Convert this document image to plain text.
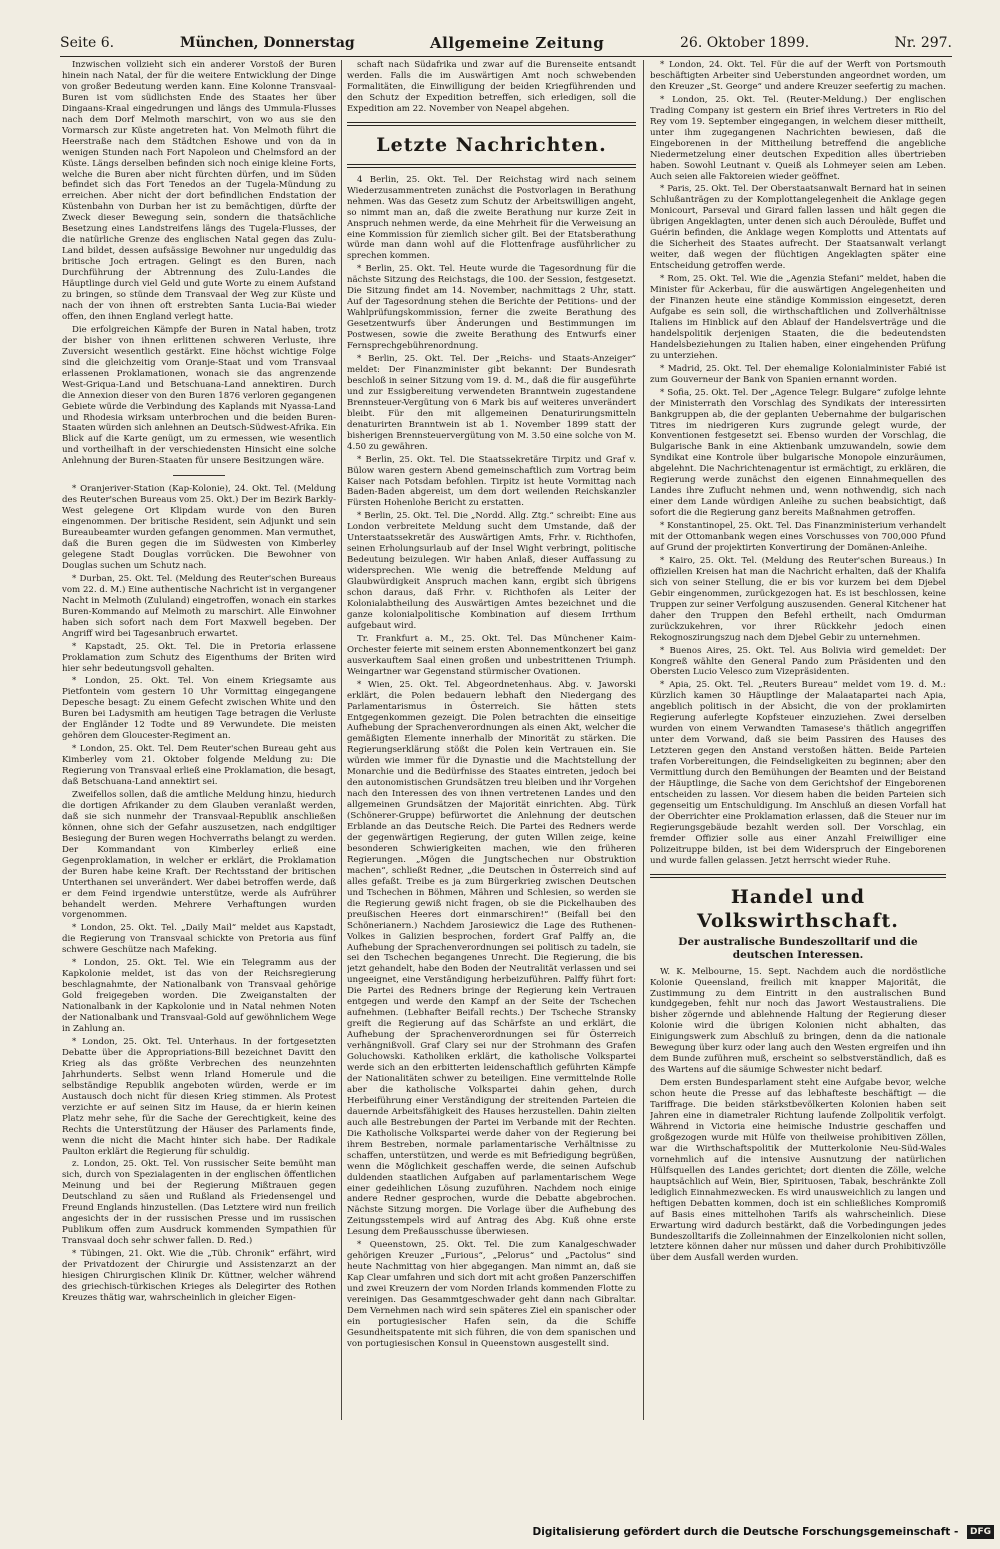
Seite 6.	München, Donnerstag	Allgemeine Zeitung	26. Oktober 1899.	Nr. 297.

Inzwischen vollzieht sich ein anderer Vorstoß der Buren hinein nach Natal, der für die weitere Entwicklung der Dinge von großer Bedeutung werden kann. Eine Kolonne Transvaal-Buren ist vom südlichsten Ende des Staates her über Dingaans-Kraal eingedrungen und längs des Ummula-Flusses nach dem Dorf Melmoth marschirt, von wo aus sie den Vormarsch zur Küste angetreten hat. Von Melmoth führt die Heerstraße nach dem Städtchen Eshowe und von da in wenigen Stunden nach Fort Napoleon und Chelmsford an der Küste. Längs derselben befinden sich noch einige kleine Forts, welche die Buren aber nicht fürchten dürfen, und im Süden befindet sich das Fort Tenedos an der Tugela-Mündung zu erreichen. Aber nicht der dort befindlichen Endstation der Küstenbahn von Durban her ist zu bemächtigen, dürfte der Zweck dieser Bewegung sein, sondern die thatsächliche Besetzung eines Landstreifens längs des Tugela-Flusses, der die natürliche Grenze des englischen Natal gegen das Zulu-Land bildet, dessen aufsässige Bewohner nur ungeduldig das britische Joch ertragen. Gelingt es den Buren, nach Durchführung der Abtrennung des Zulu-Landes die Häuptlinge durch viel Geld und gute Worte zu einem Aufstand zu bringen, so stünde dem Transvaal der Weg zur Küste und nach der von ihnen oft erstrebten Santa Lucia-Bai wieder offen, den ihnen England verlegt hatte.

Die erfolgreichen Kämpfe der Buren in Natal haben, trotz der bisher von ihnen erlittenen schweren Verluste, ihre Zuversicht wesentlich gestärkt. Eine höchst wichtige Folge sind die gleichzeitig vom Oranje-Staat und vom Transvaal erlassenen Proklamationen, wonach sie das angrenzende West-Griqua-Land und Betschuana-Land annektiren. Durch die Annexion dieser von den Buren 1876 verloren gegangenen Gebiete würde die Verbindung des Kaplands mit Nyassa-Land und Rhodesia wirksam unterbrochen und die beiden Buren-Staaten würden sich anlehnen an Deutsch-Südwest-Afrika. Ein Blick auf die Karte genügt, um zu ermessen, wie wesentlich und vortheilhaft in der verschiedensten Hinsicht eine solche Anlehnung der Buren-Staaten für unsere Besitzungen wäre.

* Oranjeriver-Station (Kap-Kolonie), 24. Okt. Tel. (Meldung des Reuter'schen Bureaus vom 25. Okt.) Der im Bezirk Barkly-West gelegene Ort Klipdam wurde von den Buren eingenommen. Der britische Resident, sein Adjunkt und sein Bureaubeamter wurden gefangen genommen. Man vermuthet, daß die Buren gegen die im Südwesten von Kimberley gelegene Stadt Douglas vorrücken. Die Bewohner von Douglas suchen um Schutz nach.

* Durban, 25. Okt. Tel. (Meldung des Reuter'schen Bureaus vom 22. d. M.) Eine authentische Nachricht ist in vergangener Nacht in Melmoth (Zululand) eingetroffen, wonach ein starkes Buren-Kommando auf Melmoth zu marschirt. Alle Einwohner haben sich sofort nach dem Fort Maxwell begeben. Der Angriff wird bei Tagesanbruch erwartet.

* Kapstadt, 25. Okt. Tel. Die in Pretoria erlassene Proklamation zum Schutz des Eigenthums der Briten wird hier sehr bedeutungsvoll gehalten.

* London, 25. Okt. Tel. Von einem Kriegsamte aus Pietfontein vom gestern 10 Uhr Vormittag eingegangene Depesche besagt: Zu einem Gefecht zwischen White und den Buren bei Ladysmith am heutigen Tage betragen die Verluste der Engländer 12 Todte und 89 Verwundete. Die meisten gehören dem Gloucester-Regiment an.

* London, 25. Okt. Tel. Dem Reuter'schen Bureau geht aus Kimberley vom 21. Oktober folgende Meldung zu: Die Regierung von Transvaal erließ eine Proklamation, die besagt, daß Betschuana-Land annektirt sei.

Zweifellos sollen, daß die amtliche Meldung hinzu, hiedurch die dortigen Afrikander zu dem Glauben veranlaßt werden, daß sie sich nunmehr der Transvaal-Republik anschließen können, ohne sich der Gefahr auszusetzen, nach endgiltiger Besiegung der Buren wegen Hochverraths belangt zu werden. Der Kommandant von Kimberley erließ eine Gegenproklamation, in welcher er erklärt, die Proklamation der Buren habe keine Kraft. Der Rechtsstand der britischen Unterthanen sei unverändert. Wer dabei betroffen werde, daß er dem Feind irgendwie unterstütze, werde als Aufrührer behandelt werden. Mehrere Verhaftungen wurden vorgenommen.

* London, 25. Okt. Tel. „Daily Mail“ meldet aus Kapstadt, die Regierung von Transvaal schickte von Pretoria aus fünf schwere Geschütze nach Mafeking.

* London, 25. Okt. Tel. Wie ein Telegramm aus der Kapkolonie meldet, ist das von der Reichsregierung beschlagnahmte, der Nationalbank von Transvaal gehörige Gold freigegeben worden. Die Zweiganstalten der Nationalbank in der Kapkolonie und in Natal nehmen Noten der Nationalbank und Transvaal-Gold auf gewöhnlichem Wege in Zahlung an.

* London, 25. Okt. Tel. Unterhaus. In der fortgesetzten Debatte über die Appropriations-Bill bezeichnet Davitt den Krieg als das größte Verbrechen des neunzehnten Jahrhunderts. Selbst wenn Irland Homerule und die selbständige Republik angeboten würden, werde er im Austausch doch nicht für diesen Krieg stimmen. Als Protest verzichte er auf seinen Sitz im Hause, da er hierin keinen Platz mehr sehe, für die Sache der Gerechtigkeit, keine des Rechts die Unterstützung der Häuser des Parlaments finde, wenn die nicht die Macht hinter sich habe. Der Radikale Paulton erklärt die Regierung für schuldig.

z. London, 25. Okt. Tel. Von russischer Seite bemüht man sich, durch von Spezialagenten in der englischen öffentlichen Meinung und bei der Regierung Mißtrauen gegen Deutschland zu säen und Rußland als Friedensengel und Freund Englands hinzustellen. (Das Letztere wird nun freilich angesichts der in der russischen Presse und im russischen Publikum offen zum Ausdruck kommenden Sympathien für Transvaal doch sehr schwer fallen. D. Red.)

* Tübingen, 21. Okt. Wie die „Tüb. Chronik“ erfährt, wird der Privatdozent der Chirurgie und Assistenzarzt an der hiesigen Chirurgischen Klinik Dr. Küttner, welcher während des griechisch-türkischen Krieges als Delegirter des Rothen Kreuzes thätig war, wahrscheinlich in gleicher Eigen-

schaft nach Südafrika und zwar auf die Burenseite entsandt werden. Falls die im Auswärtigen Amt noch schwebenden Formalitäten, die Einwilligung der beiden Kriegführenden und den Schutz der Expedition betreffen, sich erledigen, soll die Expedition am 22. November von Neapel abgehen.

Letzte Nachrichten.

4 Berlin, 25. Okt. Tel. Der Reichstag wird nach seinem Wiederzusammentreten zunächst die Postvorlagen in Berathung nehmen. Was das Gesetz zum Schutz der Arbeitswilligen angeht, so nimmt man an, daß die zweite Berathung nur kurze Zeit in Anspruch nehmen werde, da eine Mehrheit für die Verweisung an eine Kommission für ziemlich sicher gilt. Bei der Etatsberathung würde man dann wohl auf die Flottenfrage ausführlicher zu sprechen kommen.

* Berlin, 25. Okt. Tel. Heute wurde die Tagesordnung für die nächste Sitzung des Reichstags, die 100. der Session, festgesetzt. Die Sitzung findet am 14. November, nachmittags 2 Uhr, statt. Auf der Tagesordnung stehen die Berichte der Petitions- und der Wahlprüfungskommission, ferner die zweite Berathung des Gesetzentwurfs über Änderungen und Bestimmungen im Postwesen, sowie die zweite Berathung des Entwurfs einer Fernsprechgebührenordnung.

* Berlin, 25. Okt. Tel. Der „Reichs- und Staats-Anzeiger“ meldet: Der Finanzminister gibt bekannt: Der Bundesrath beschloß in seiner Sitzung vom 19. d. M., daß die für ausgeführte und zur Essigbereitung verwendeten Branntwein zugestandene Brennsteuer-Vergütung von 6 Mark bis auf weiteres unverändert bleibt. Für den mit allgemeinen Denaturirungsmitteln denaturirten Branntwein ist ab 1. November 1899 statt der bisherigen Brennsteuervergütung von M. 3.50 eine solche von M. 4.50 zu gewähren.

* Berlin, 25. Okt. Tel. Die Staatssekretäre Tirpitz und Graf v. Bülow waren gestern Abend gemeinschaftlich zum Vortrag beim Kaiser nach Potsdam befohlen. Tirpitz ist heute Vormittag nach Baden-Baden abgereist, um dem dort weilenden Reichskanzler Fürsten Hohenlohe Bericht zu erstatten.

* Berlin, 25. Okt. Tel. Die „Nordd. Allg. Ztg.“ schreibt: Eine aus London verbreitete Meldung sucht dem Umstande, daß der Unterstaatssekretär des Auswärtigen Amts, Frhr. v. Richthofen, seinen Erholungsurlaub auf der Insel Wight verbringt, politische Bedeutung beizulegen. Wir haben Anlaß, dieser Auffassung zu widersprechen. Wie wenig die betreffende Meldung auf Glaubwürdigkeit Anspruch machen kann, ergibt sich übrigens schon daraus, daß Frhr. v. Richthofen als Leiter der Kolonialabtheilung des Auswärtigen Amtes bezeichnet und die ganze kolonialpolitische Kombination auf diesem Irrthum aufgebaut wird.

Tr. Frankfurt a. M., 25. Okt. Tel. Das Münchener Kaim-Orchester feierte mit seinem ersten Abonnementkonzert bei ganz ausverkauftem Saal einen großen und unbestrittenen Triumph. Weingartner war Gegenstand stürmischer Ovationen.

* Wien, 25. Okt. Tel. Abgeordnetenhaus. Abg. v. Jaworski erklärt, die Polen bedauern lebhaft den Niedergang des Parlamentarismus in Österreich. Sie hätten stets Entgegenkommen gezeigt. Die Polen betrachten die einseitige Aufhebung der Sprachenverordnungen als einen Akt, welcher die gemäßigten Elemente innerhalb der Minorität zu stärken. Die Regierungserklärung stößt die Polen kein Vertrauen ein. Sie würden wie immer für die Dynastie und die Machtstellung der Monarchie und die Bedürfnisse des Staates eintreten, jedoch bei den autonomistischen Grundsätzen treu bleiben und ihr Vorgehen nach den Interessen des von ihnen vertretenen Landes und den allgemeinen Grundsätzen der Majorität einrichten. Abg. Türk (Schönerer-Gruppe) befürwortet die Anlehnung der deutschen Erblande an das Deutsche Reich. Die Partei des Redners werde der gegenwärtigen Regierung, der guten Willen zeige, keine besonderen Schwierigkeiten machen, wie den früheren Regierungen. „Mögen die Jungtschechen nur Obstruktion machen“, schließt Redner, „die Deutschen in Österreich sind auf alles gefaßt. Treibe es ja zum Bürgerkrieg zwischen Deutschen und Tschechen in Böhmen, Mähren und Schlesien, so werden sie die Regierung gewiß nicht fragen, ob sie die Pickelhauben des preußischen Heeres dort einmarschiren!“ (Beifall bei den Schönerianern.) Nachdem Jarosiewicz die Lage des Ruthenen-Volkes in Galizien besprochen, fordert Graf Palffy an, die Aufhebung der Sprachenverordnungen sei politisch zu tadeln, sie sei den Tschechen begangenes Unrecht. Die Regierung, die bis jetzt gehandelt, habe den Boden der Neutralität verlassen und sei ungeeignet, eine Verständigung herbeizuführen. Palffy führt fort: Die Partei des Redners bringe der Regierung kein Vertrauen entgegen und werde den Kampf an der Seite der Tschechen aufnehmen. (Lebhafter Beifall rechts.) Der Tscheche Stransky greift die Regierung auf das Schärfste an und erklärt, die Aufhebung der Sprachenverordnungen sei für Österreich verhängnißvoll. Graf Clary sei nur der Strohmann des Grafen Goluchowski. Katholiken erklärt, die katholische Volkspartei werde sich an den erbitterten leidenschaftlich geführten Kämpfe der Nationalitäten schwer zu beteiligen. Eine vermittelnde Rolle aber die katholische Volkspartei dahin gehen, durch Herbeiführung einer Verständigung der streitenden Parteien die dauernde Arbeitsfähigkeit des Hauses herzustellen. Dahin zielten auch alle Bestrebungen der Partei im Verbande mit der Rechten. Die Katholische Volkspartei werde daher von der Regierung bei ihrem Bestreben, normale parlamentarische Verhältnisse zu schaffen, unterstützen, und werde es mit Befriedigung begrüßen, wenn die Möglichkeit geschaffen werde, die seinen Aufschub duldenden staatlichen Aufgaben auf parlamentarischem Wege einer gedeihlichen Lösung zuzuführen. Nachdem noch einige andere Redner gesprochen, wurde die Debatte abgebrochen. Nächste Sitzung morgen. Die Vorlage über die Aufhebung des Zeitungsstempels wird auf Antrag des Abg. Kuß ohne erste Lesung dem Preßausschusse überwiesen.

* Queenstown, 25. Okt. Tel. Die zum Kanalgeschwader gehörigen Kreuzer „Furious“, „Pelorus“ und „Pactolus“ sind heute Nachmittag von hier abgegangen. Man nimmt an, daß sie Kap Clear umfahren und sich dort mit acht großen Panzerschiffen und zwei Kreuzern der vom Norden Irlands kommenden Flotte zu vereinigen. Das Gesammtgeschwader geht dann nach Gibraltar. Dem Vernehmen nach wird sein späteres Ziel ein spanischer oder ein portugiesischer Hafen sein, da die Schiffe Gesundheitspatente mit sich führen, die von dem spanischen und von portugiesischen Konsul in Queenstown ausgestellt sind.

* London, 24. Okt. Tel. Für die auf der Werft von Portsmouth beschäftigten Arbeiter sind Ueberstunden angeordnet worden, um den Kreuzer „St. George“ und andere Kreuzer seefertig zu machen.

* London, 25. Okt. Tel. (Reuter-Meldung.) Der englischen Trading Company ist gestern ein Brief ihres Vertreters in Rio del Rey vom 19. September eingegangen, in welchem dieser mittheilt, unter ihm zugegangenen Nachrichten bewiesen, daß die Eingeborenen in der Mittheilung betreffend die angebliche Niedermetzelung einer deutschen Expedition alles übertrieben haben. Sowohl Leutnant v. Queiß als Lohmeyer seien am Leben. Auch seien alle Faktoreien wieder geöffnet.

* Paris, 25. Okt. Tel. Der Oberstaatsanwalt Bernard hat in seinen Schlußanträgen zu der Komplottangelegenheit die Anklage gegen Monicourt, Parseval und Girard fallen lassen und hält gegen die übrigen Angeklagten, unter denen sich auch Déroulède, Buffet und Guérin befinden, die Anklage wegen Komplotts und Attentats auf die Sicherheit des Staates aufrecht. Der Staatsanwalt verlangt weiter, daß wegen der flüchtigen Angeklagten später eine Entscheidung getroffen werde.

* Rom, 25. Okt. Tel. Wie die „Agenzia Stefani“ meldet, haben die Minister für Ackerbau, für die auswärtigen Angelegenheiten und der Finanzen heute eine ständige Kommission eingesetzt, deren Aufgabe es sein soll, die wirthschaftlichen und Zollverhältnisse Italiens im Hinblick auf den Ablauf der Handelsverträge und die handelspolitik derjenigen Staaten, die die bedeutendsten Handelsbeziehungen zu Italien haben, einer eingehenden Prüfung zu unterziehen.

* Madrid, 25. Okt. Tel. Der ehemalige Kolonialminister Fabié ist zum Gouverneur der Bank von Spanien ernannt worden.

* Sofia, 25. Okt. Tel. Der „Agence Telegr. Bulgare“ zufolge lehnte der Ministerrath den Vorschlag des Syndikats der interessirten Bankgruppen ab, die der geplanten Uebernahme der bulgarischen Titres im niedrigeren Kurs zugrunde gelegt wurde, der Konventionen festgesetzt sei. Ebenso wurden der Vorschlag, die Bulgarische Bank in eine Aktienbank umzuwandeln, sowie dem Syndikat eine Kontrole über bulgarische Monopole einzuräumen, abgelehnt. Die Nachrichtenagentur ist ermächtigt, zu erklären, die Regierung werde zunächst den eigenen Einnahmequellen des Landes ihre Zuflucht nehmen und, wenn nothwendig, sich nach einer dem Lande würdigen Anleihe zu suchen beabsichtigt, daß sofort die die Regierung ganz bereits Maßnahmen getroffen.

* Konstantinopel, 25. Okt. Tel. Das Finanzministerium verhandelt mit der Ottomanbank wegen eines Vorschusses von 700,000 Pfund auf Grund der projektirten Konvertirung der Domänen-Anleihe.

* Kairo, 25. Okt. Tel. (Meldung des Reuter'schen Bureaus.) In offiziellen Kreisen hat man die Nachricht erhalten, daß der Khalifa sich von seiner Stellung, die er bis vor kurzem bei dem Djebel Gebir eingenommen, zurückgezogen hat. Es ist beschlossen, keine Truppen zur seiner Verfolgung auszusenden. General Kitchener hat daher den Truppen den Befehl ertheilt, nach Omdurman zurückzukehren, vor ihrer Rückkehr jedoch einen Rekognoszirungszug nach dem Djebel Gebir zu unternehmen.

* Buenos Aires, 25. Okt. Tel. Aus Bolivia wird gemeldet: Der Kongreß wählte den General Pando zum Präsidenten und den Obersten Lucio Velesco zum Vizepräsidenten.

* Apia, 25. Okt. Tel. „Reuters Bureau“ meldet vom 19. d. M.: Kürzlich kamen 30 Häuptlinge der Malaatapartei nach Apia, angeblich politisch in der Absicht, die von der proklamirten Regierung auferlegte Kopfsteuer einzuziehen. Zwei derselben wurden von einem Verwandten Tamasese's thätlich angegriffen unter dem Vorwand, daß sie beim Passiren des Hauses des Letzteren gegen den Anstand verstoßen hätten. Beide Parteien trafen Vorbereitungen, die Feindseligkeiten zu beginnen; aber den Vermittlung durch den Bemühungen der Beamten und der Beistand der Häuptlinge, die Sache von dem Gerichtshof der Eingeborenen entscheiden zu lassen. Vor diesem haben die beiden Parteien sich gegenseitig um Entschuldigung. Im Anschluß an diesen Vorfall hat der Oberrichter eine Proklamation erlassen, daß die Steuer nur im Regierungsgebäude bezahlt werden soll. Der Vorschlag, ein fremder Offizier solle aus einer Anzahl Freiwilliger eine Polizeitruppe bilden, ist bei dem Widerspruch der Eingeborenen und wurde fallen gelassen. Jetzt herrscht wieder Ruhe.

Handel und Volkswirthschaft.
Der australische Bundeszolltarif und die deutschen Interessen.

W. K. Melbourne, 15. Sept. Nachdem auch die nordöstliche Kolonie Queensland, freilich mit knapper Majorität, die Zustimmung zu dem Eintritt in den australischen Bund kundgegeben, fehlt nur noch das Jawort Westaustraliens. Die bisher zögernde und ablehnende Haltung der Regierung dieser Kolonie wird die übrigen Kolonien nicht abhalten, das Einigungswerk zum Abschluß zu bringen, denn da die nationale Bewegung über kurz oder lang auch den Westen ergreifen und ihn dem Bunde zuführen muß, erscheint so selbstverständlich, daß es des Wartens auf die säumige Schwester nicht bedarf.

Dem ersten Bundesparlament steht eine Aufgabe bevor, welche schon heute die Presse auf das lebhafteste beschäftigt — die Tariffrage. Die beiden stärkstbevölkerten Kolonien haben seit Jahren eine in diametraler Richtung laufende Zollpolitik verfolgt. Während in Victoria eine heimische Industrie geschaffen und großgezogen wurde mit Hülfe von theilweise prohibitiven Zöllen, war die Wirthschaftspolitik der Mutterkolonie Neu-Süd-Wales vornehmlich auf die intensive Ausnutzung der natürlichen Hülfsquellen des Landes gerichtet; dort dienten die Zölle, welche hauptsächlich auf Wein, Bier, Spirituosen, Tabak, beschränkte Zoll lediglich Einnahmezwecken. Es wird unausweichlich zu langen und heftigen Debatten kommen, doch ist ein schließliches Kompromiß auf Basis eines mittelhohen Tarifs als wahrscheinlich. Diese Erwartung wird dadurch bestärkt, daß die Vorbedingungen jedes Bundeszolltarifs die Zolleinnahmen der Einzelkolonien nicht sollen, letztere können daher nur müssen und daher durch Prohibitivzölle über dem Ausfall werden wurden.

Digitalisierung gefördert durch die Deutsche Forschungsgemeinschaft - DFG
